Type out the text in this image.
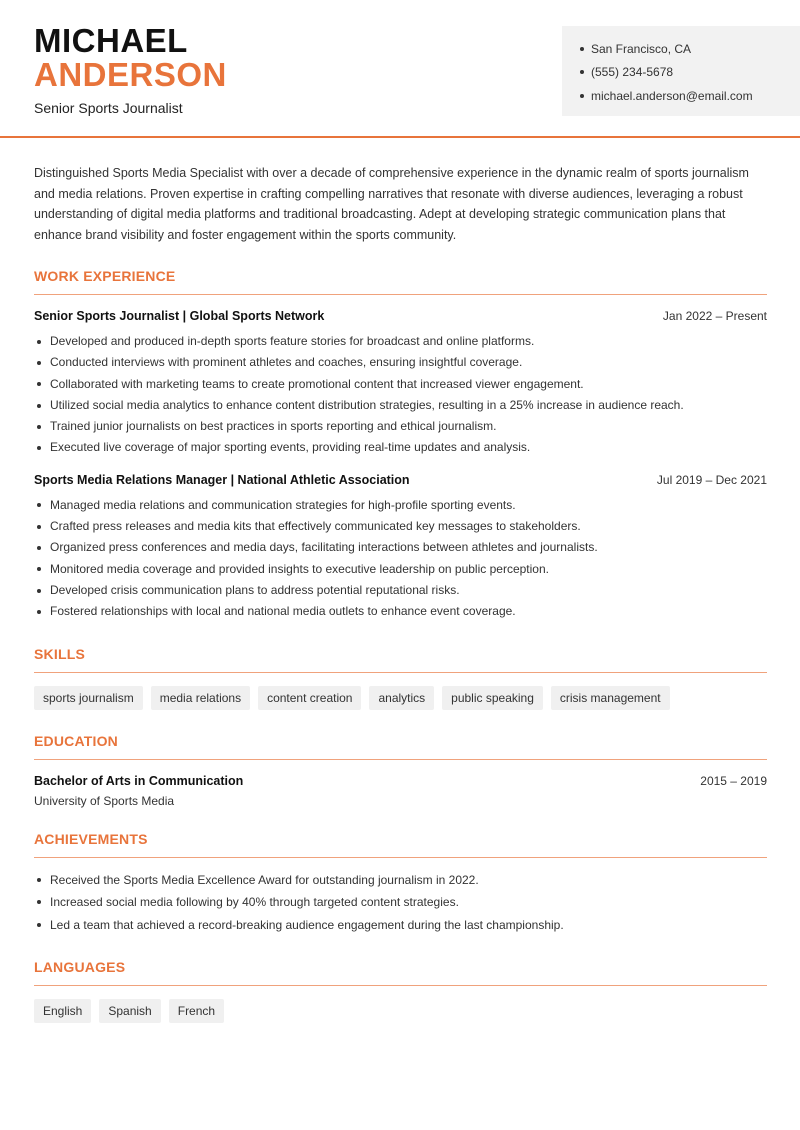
MICHAEL
ANDERSON
Senior Sports Journalist
San Francisco, CA
(555) 234-5678
michael.anderson@email.com

Distinguished Sports Media Specialist with over a decade of comprehensive experience in the dynamic realm of sports journalism and media relations. Proven expertise in crafting compelling narratives that resonate with diverse audiences, leveraging a robust understanding of digital media platforms and traditional broadcasting. Adept at developing strategic communication plans that enhance brand visibility and foster engagement within the sports community.

WORK EXPERIENCE
Senior Sports Journalist | Global Sports Network	Jan 2022 – Present
Developed and produced in-depth sports feature stories for broadcast and online platforms.
Conducted interviews with prominent athletes and coaches, ensuring insightful coverage.
Collaborated with marketing teams to create promotional content that increased viewer engagement.
Utilized social media analytics to enhance content distribution strategies, resulting in a 25% increase in audience reach.
Trained junior journalists on best practices in sports reporting and ethical journalism.
Executed live coverage of major sporting events, providing real-time updates and analysis.
Sports Media Relations Manager | National Athletic Association	Jul 2019 – Dec 2021
Managed media relations and communication strategies for high-profile sporting events.
Crafted press releases and media kits that effectively communicated key messages to stakeholders.
Organized press conferences and media days, facilitating interactions between athletes and journalists.
Monitored media coverage and provided insights to executive leadership on public perception.
Developed crisis communication plans to address potential reputational risks.
Fostered relationships with local and national media outlets to enhance event coverage.
SKILLS
sports journalism	media relations	content creation	analytics	public speaking	crisis management
EDUCATION
Bachelor of Arts in Communication	2015 – 2019
University of Sports Media
ACHIEVEMENTS
Received the Sports Media Excellence Award for outstanding journalism in 2022.
Increased social media following by 40% through targeted content strategies.
Led a team that achieved a record-breaking audience engagement during the last championship.
LANGUAGES
English	Spanish	French
